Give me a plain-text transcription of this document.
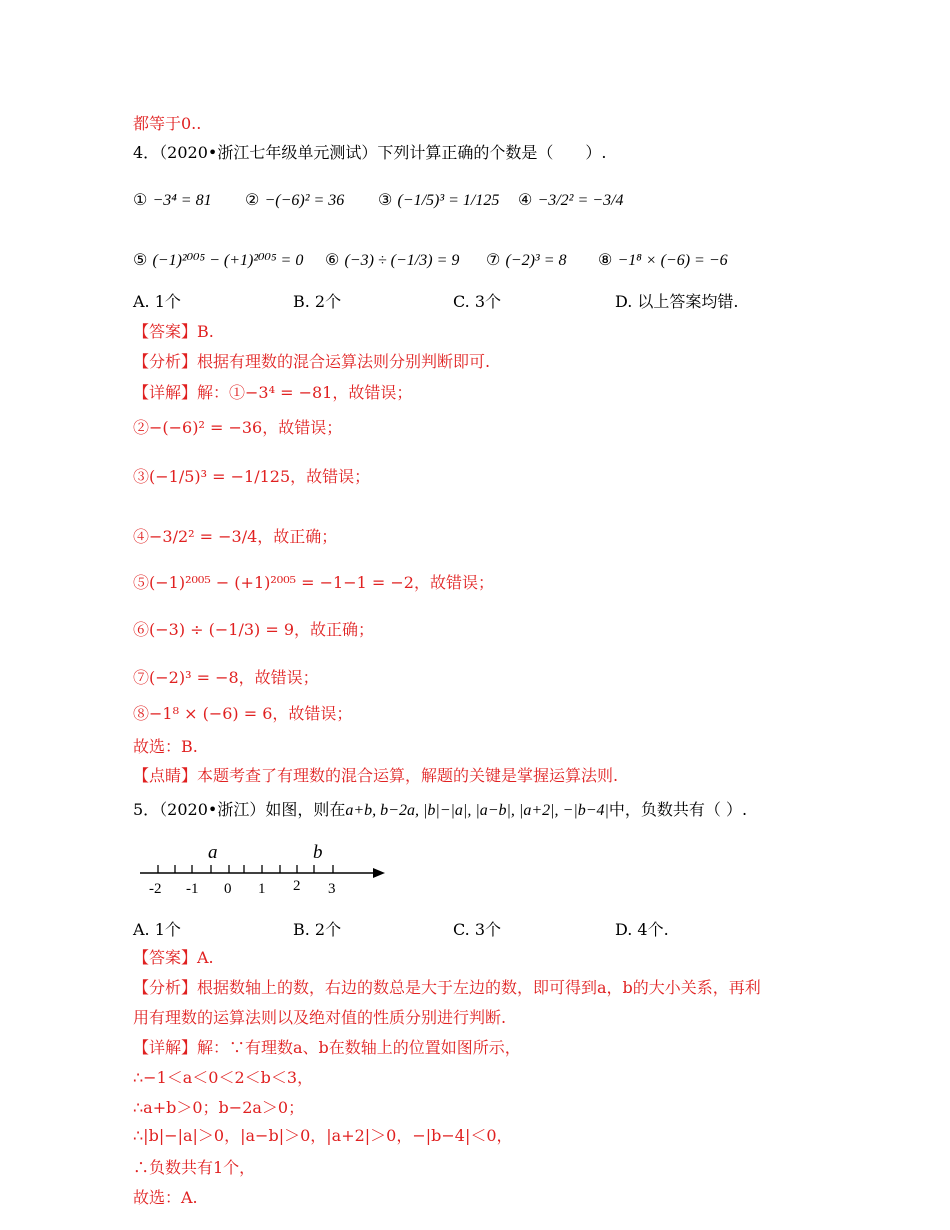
都等于0..
4．（2020•浙江七年级单元测试）下列计算正确的个数是（　　）.
① −3⁴ = 81 ② −(−6)² = 36 ③ (−1/5)³ = 1/125 ④ −3/2² = −3/4
⑤ (−1)²⁰⁰⁵ − (+1)²⁰⁰⁵ = 0 ⑥ (−3) ÷ (−1/3) = 9 ⑦ (−2)³ = 8 ⑧ −1⁸ × (−6) = −6
A. 1个	B. 2个	C. 3个	D. 以上答案均错.
【答案】B.
【分析】根据有理数的混合运算法则分别判断即可.
【详解】解：①−3⁴ = −81，故错误；
②−(−6)² = −36，故错误；
③(−1/5)³ = −1/125，故错误；
④−3/2² = −3/4，故正确；
⑤(−1)²⁰⁰⁵ − (+1)²⁰⁰⁵ = −1−1 = −2，故错误；
⑥(−3) ÷ (−1/3) = 9，故正确；
⑦(−2)³ = −8，故错误；
⑧−1⁸ × (−6) = 6，故错误；
故选：B.
【点睛】本题考查了有理数的混合运算，解题的关键是掌握运算法则.
5．（2020•浙江）如图，则在a+b, b−2a, |b|−|a|, |a−b|, |a+2|, −|b−4|中，负数共有（ ）.
a	b
-2 -1 0 1 2 3
A. 1个	B. 2个	C. 3个	D. 4个.
【答案】A.
【分析】根据数轴上的数，右边的数总是大于左边的数，即可得到a，b的大小关系，再利
用有理数的运算法则以及绝对值的性质分别进行判断.
【详解】解：∵有理数a、b在数轴上的位置如图所示，
∴−1＜a＜0＜2＜b＜3，
∴a+b＞0；b−2a＞0；
∴|b|−|a|＞0，|a−b|＞0，|a+2|＞0，−|b−4|＜0，
∴负数共有1个，
故选：A.
